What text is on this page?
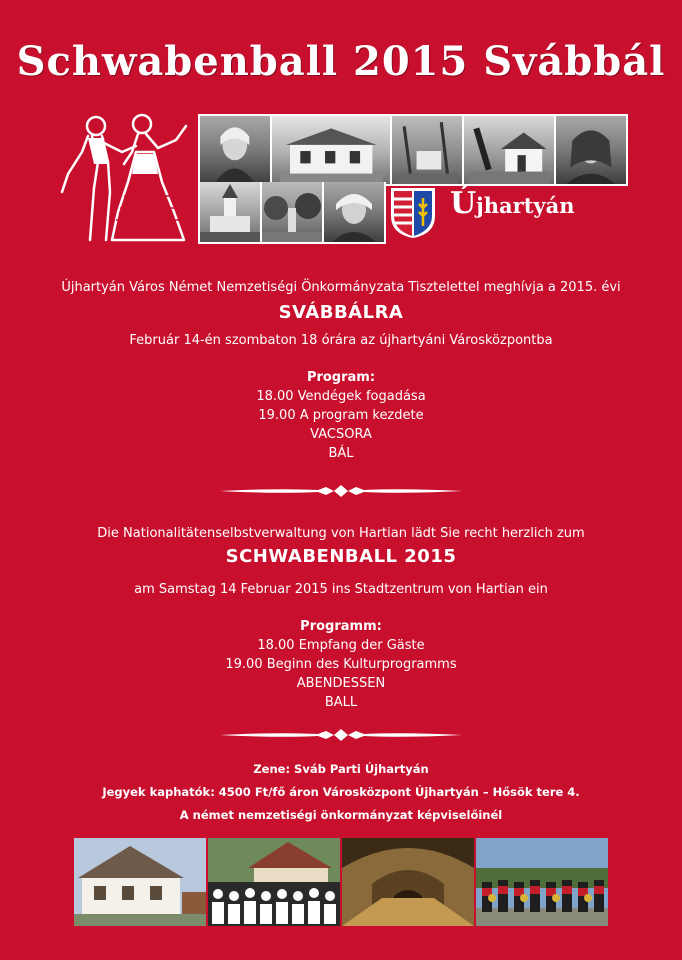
Schwabenball 2015 Svábbál
Újhartyán
Újhartyán Város Német Nemzetiségi Önkormányzata Tisztelettel meghívja a 2015. évi
SVÁBBÁLRA
Február 14-én szombaton 18 órára az újhartyáni Városközpontba
Program:
18.00 Vendégek fogadása
19.00 A program kezdete
VACSORA
BÁL
Die Nationalitätenselbstverwaltung von Hartian lädt Sie recht herzlich zum
SCHWABENBALL 2015
am Samstag 14 Februar 2015 ins Stadtzentrum von Hartian ein
Programm:
18.00 Empfang der Gäste
19.00 Beginn des Kulturprogramms
ABENDESSEN
BALL
Zene: Sváb Parti Újhartyán
Jegyek kaphatók: 4500 Ft/fő áron Városközpont Újhartyán – Hősök tere 4.
A német nemzetiségi önkormányzat képviselőinél
